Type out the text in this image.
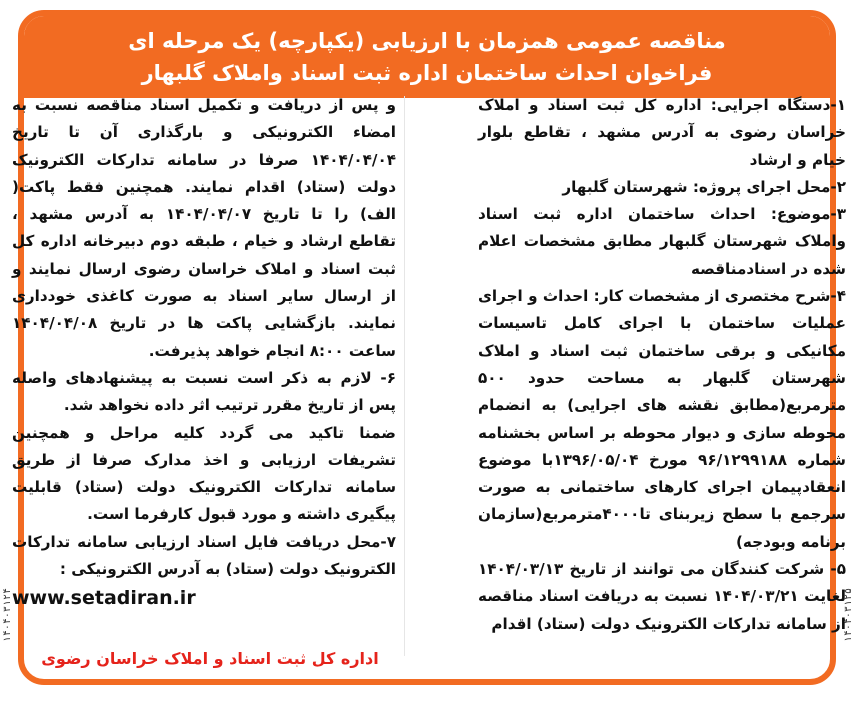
مناقصه عمومی همزمان با ارزیابی (یکپارچه) یک مرحله ای
فراخوان احداث ساختمان اداره ثبت اسناد واملاک گلبهار

۱-دستگاه اجرایی: اداره کل ثبت اسناد و املاک خراسان رضوی به آدرس مشهد ، تقاطع بلوار خیام و ارشاد

۲-محل اجرای پروژه: شهرستان گلبهار

۳-موضوع: احداث ساختمان اداره ثبت اسناد واملاک شهرستان گلبهار مطابق مشخصات اعلام شده در اسنادمناقصه

۴-شرح مختصری از مشخصات کار: احداث و اجرای عملیات ساختمان با اجرای کامل تاسیسات مکانیکی و برقی ساختمان ثبت اسناد و املاک شهرستان گلبهار به مساحت حدود ۵۰۰ مترمربع(مطابق نقشه های اجرایی) به انضمام محوطه سازی و دیوار محوطه بر اساس بخشنامه شماره ۹۶/۱۲۹۹۱۸۸ مورخ ۱۳۹۶/۰۵/۰۴با موضوع انعقادپیمان اجرای کارهای ساختمانی به صورت سرجمع با سطح زیربنای تا۴۰۰۰مترمربع(سازمان برنامه وبودجه)

۵- شرکت کنندگان می توانند از تاریخ ۱۴۰۴/۰۳/۱۳ لغایت ۱۴۰۴/۰۳/۲۱ نسبت به دریافت اسناد مناقصه از سامانه تدارکات الکترونیک دولت (ستاد) اقدام

و پس از دریافت و تکمیل اسناد مناقصه نسبت به امضاء الکترونیکی و بارگذاری آن تا تاریخ ۱۴۰۴/۰۴/۰۴ صرفا در سامانه تدارکات الکترونیک دولت (ستاد) اقدام نمایند. همچنین فقط پاکت( الف) را تا تاریخ ۱۴۰۴/۰۴/۰۷ به آدرس مشهد ، تقاطع ارشاد و خیام ، طبقه دوم دبیرخانه اداره کل ثبت اسناد و املاک خراسان رضوی ارسال نمایند و از ارسال سایر اسناد به صورت کاغذی خودداری نمایند. بازگشایی پاکت ها در تاریخ ۱۴۰۴/۰۴/۰۸ ساعت ۸:۰۰ انجام خواهد پذیرفت.

۶- لازم به ذکر است نسبت به پیشنهادهای واصله پس از تاریخ مقرر ترتیب اثر داده نخواهد شد.

ضمنا تاکید می گردد کلیه مراحل و همچنین تشریفات ارزیابی و اخذ مدارک صرفا از طریق سامانه تدارکات الکترونیک دولت (ستاد) قابلیت پیگیری داشته و مورد قبول کارفرما است.

۷-محل دریافت فایل اسناد ارزیابی سامانه تدارکات الکترونیک دولت (ستاد) به آدرس الکترونیکی :

www.setadiran.ir
اداره کل ثبت اسناد و املاک خراسان رضوی
۱۴۰۴۰۳۱۲۵
۱۴۰۴۰۳۱۲۴
